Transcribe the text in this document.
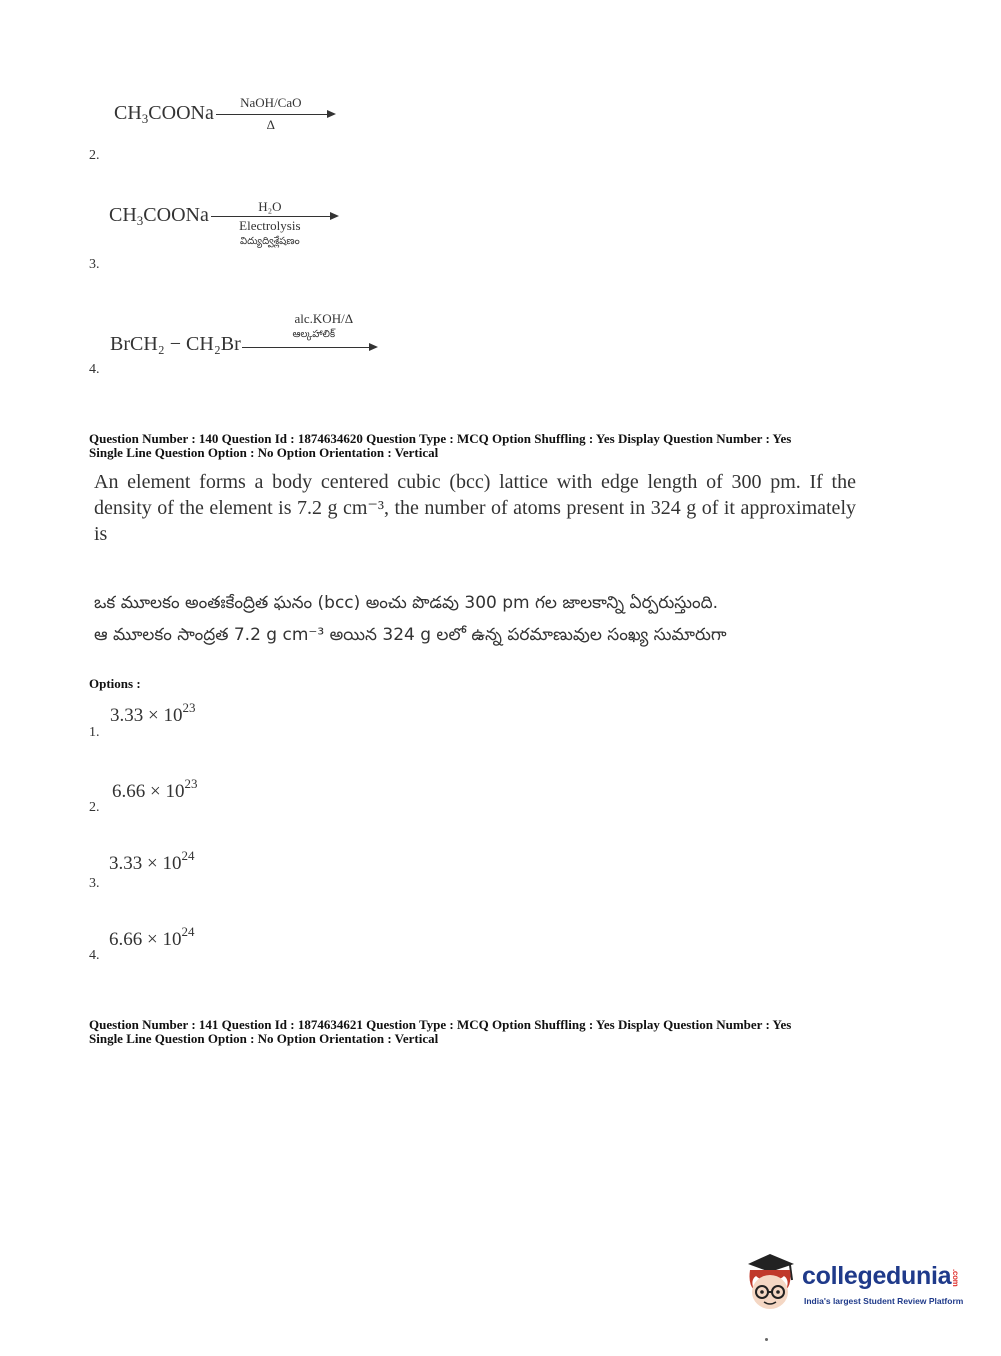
$CH_3COONa$	NaOH/CaO
Δ
2.
$CH_3COONa$	H₂O
Electrolysis
విద్యుద్విశ్లేషణం
3.
BrCH₂ − CH₂Br
alc.KOH/Δ
ఆల్కహాలిక్
4.
Question Number : 140 Question Id : 1874634620 Question Type : MCQ Option Shuffling : Yes Display Question Number : Yes
Single Line Question Option : No Option Orientation : Vertical
An element forms a body centered cubic (bcc) lattice with edge length of 300 pm. If the density of the element is 7.2 g cm⁻³, the number of atoms present in 324 g of it approximately is
ఒక మూలకం అంతఃకేంద్రిత ఘనం (bcc) అంచు పొడవు 300 pm గల జాలకాన్ని ఏర్పరుస్తుంది.
ఆ మూలకం సాంద్రత 7.2 g cm⁻³ అయిన 324 g లలో ఉన్న పరమాణువుల సంఖ్య సుమారుగా
Options :
$3.33 \times 10^{23}$
1.
$6.66 \times 10^{23}$
2.
$3.33 \times 10^{24}$
3.
$6.66 \times 10^{24}$
4.
Question Number : 141 Question Id : 1874634621 Question Type : MCQ Option Shuffling : Yes Display Question Number : Yes
Single Line Question Option : No Option Orientation : Vertical
collegedunia.com
India's largest Student Review Platform
